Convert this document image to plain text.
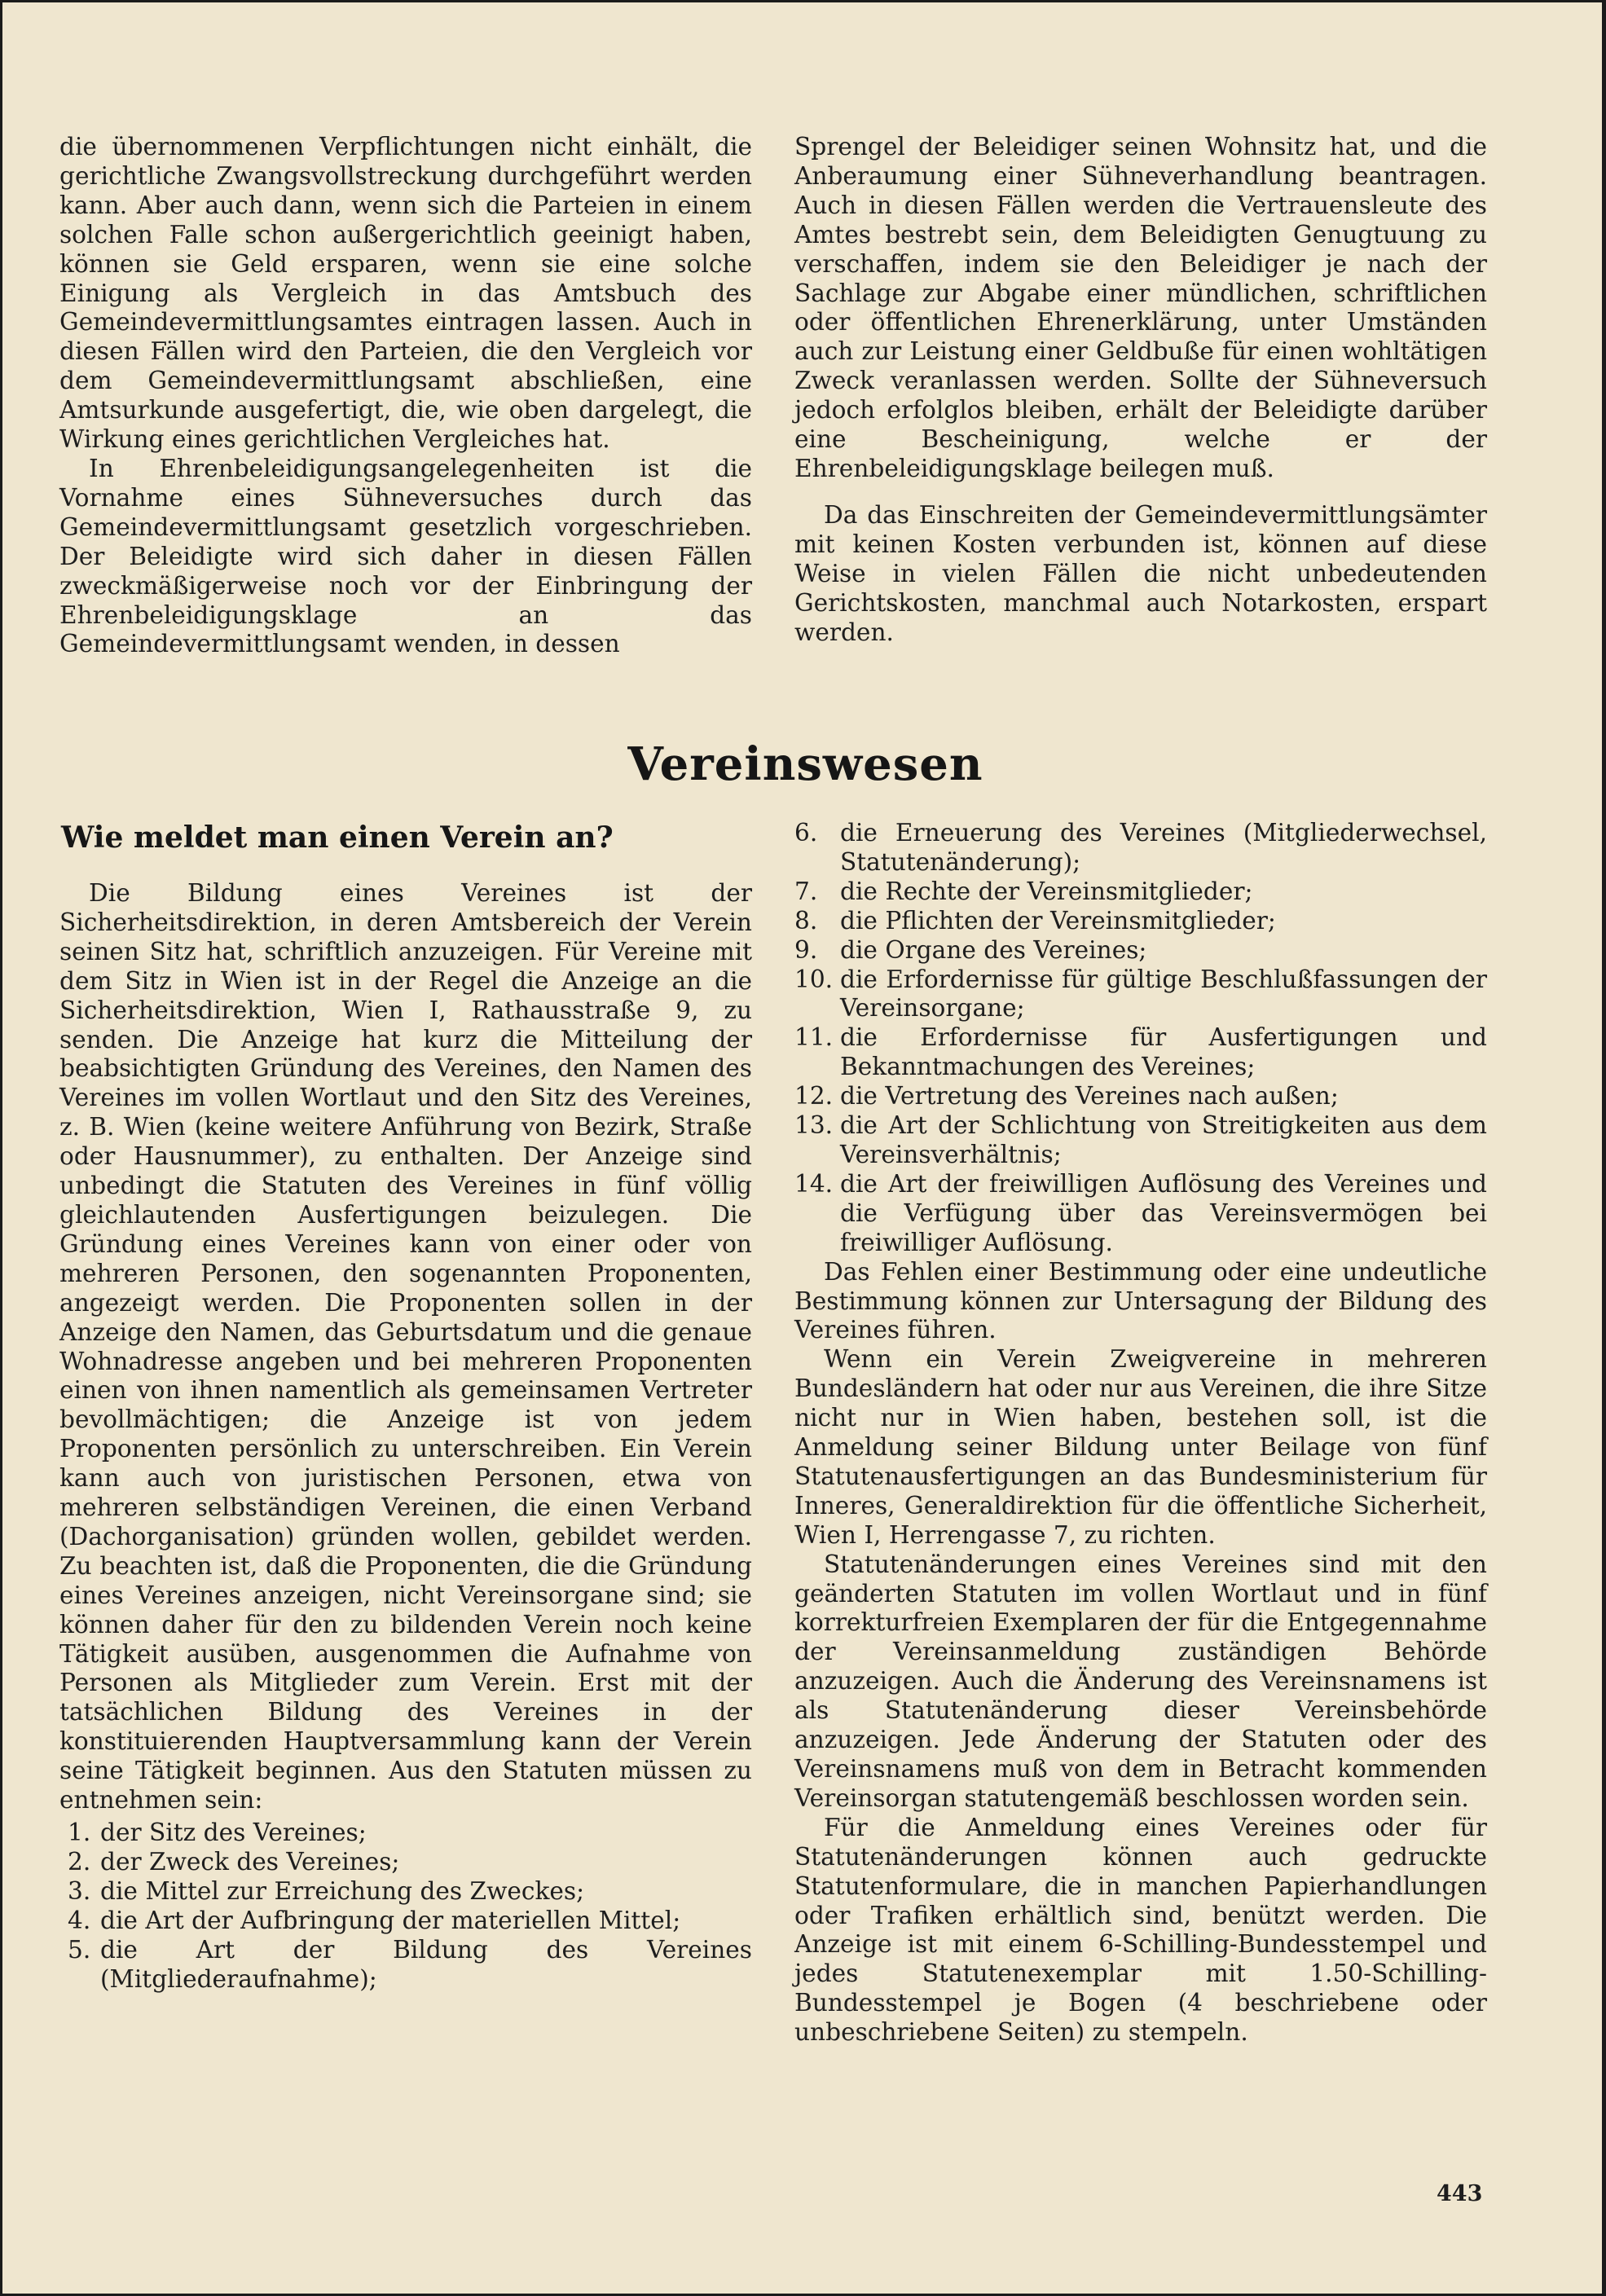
die übernommenen Verpflichtungen nicht einhält, die gerichtliche Zwangsvollstreckung durchgeführt werden kann. Aber auch dann, wenn sich die Parteien in einem solchen Falle schon außergerichtlich geeinigt haben, können sie Geld ersparen, wenn sie eine solche Einigung als Vergleich in das Amtsbuch des Gemeindevermittlungsamtes eintragen lassen. Auch in diesen Fällen wird den Parteien, die den Vergleich vor dem Gemeindevermittlungsamt abschließen, eine Amtsurkunde ausgefertigt, die, wie oben dargelegt, die Wirkung eines gerichtlichen Vergleiches hat.

In Ehrenbeleidigungsangelegenheiten ist die Vornahme eines Sühneversuches durch das Gemeindevermittlungsamt gesetzlich vorgeschrieben. Der Beleidigte wird sich daher in diesen Fällen zweckmäßigerweise noch vor der Einbringung der Ehrenbeleidigungsklage an das Gemeindevermittlungsamt wenden, in dessen

Sprengel der Beleidiger seinen Wohnsitz hat, und die Anberaumung einer Sühneverhandlung beantragen. Auch in diesen Fällen werden die Vertrauensleute des Amtes bestrebt sein, dem Beleidigten Genugtuung zu verschaffen, indem sie den Beleidiger je nach der Sachlage zur Abgabe einer mündlichen, schriftlichen oder öffentlichen Ehrenerklärung, unter Umständen auch zur Leistung einer Geldbuße für einen wohltätigen Zweck veranlassen werden. Sollte der Sühneversuch jedoch erfolglos bleiben, erhält der Beleidigte darüber eine Bescheinigung, welche er der Ehrenbeleidigungsklage beilegen muß.

Da das Einschreiten der Gemeindevermittlungsämter mit keinen Kosten verbunden ist, können auf diese Weise in vielen Fällen die nicht unbedeutenden Gerichtskosten, manchmal auch Notarkosten, erspart werden.

Vereinswesen
Wie meldet man einen Verein an?

Die Bildung eines Vereines ist der Sicherheitsdirektion, in deren Amtsbereich der Verein seinen Sitz hat, schriftlich anzuzeigen. Für Vereine mit dem Sitz in Wien ist in der Regel die Anzeige an die Sicherheitsdirektion, Wien I, Rathausstraße 9, zu senden. Die Anzeige hat kurz die Mitteilung der beabsichtigten Gründung des Vereines, den Namen des Vereines im vollen Wortlaut und den Sitz des Vereines, z. B. Wien (keine weitere Anführung von Bezirk, Straße oder Hausnummer), zu enthalten. Der Anzeige sind unbedingt die Statuten des Vereines in fünf völlig gleichlautenden Ausfertigungen beizulegen. Die Gründung eines Vereines kann von einer oder von mehreren Personen, den sogenannten Proponenten, angezeigt werden. Die Proponenten sollen in der Anzeige den Namen, das Geburtsdatum und die genaue Wohnadresse angeben und bei mehreren Proponenten einen von ihnen namentlich als gemeinsamen Vertreter bevollmächtigen; die Anzeige ist von jedem Proponenten persönlich zu unterschreiben. Ein Verein kann auch von juristischen Personen, etwa von mehreren selbständigen Vereinen, die einen Verband (Dachorganisation) gründen wollen, gebildet werden. Zu beachten ist, daß die Proponenten, die die Gründung eines Vereines anzeigen, nicht Vereinsorgane sind; sie können daher für den zu bildenden Verein noch keine Tätigkeit ausüben, ausgenommen die Aufnahme von Personen als Mitglieder zum Verein. Erst mit der tatsächlichen Bildung des Vereines in der konstituierenden Hauptversammlung kann der Verein seine Tätigkeit beginnen. Aus den Statuten müssen zu entnehmen sein:

1. der Sitz des Vereines;
2. der Zweck des Vereines;
3. die Mittel zur Erreichung des Zweckes;
4. die Art der Aufbringung der materiellen Mittel;
5. die Art der Bildung des Vereines (Mitgliederaufnahme);
6. die Erneuerung des Vereines (Mitgliederwechsel, Statutenänderung);
7. die Rechte der Vereinsmitglieder;
8. die Pflichten der Vereinsmitglieder;
9. die Organe des Vereines;
10. die Erfordernisse für gültige Beschlußfassungen der Vereinsorgane;
11. die Erfordernisse für Ausfertigungen und Bekanntmachungen des Vereines;
12. die Vertretung des Vereines nach außen;
13. die Art der Schlichtung von Streitigkeiten aus dem Vereinsverhältnis;
14. die Art der freiwilligen Auflösung des Vereines und die Verfügung über das Vereinsvermögen bei freiwilliger Auflösung.

Das Fehlen einer Bestimmung oder eine undeutliche Bestimmung können zur Untersagung der Bildung des Vereines führen.

Wenn ein Verein Zweigvereine in mehreren Bundesländern hat oder nur aus Vereinen, die ihre Sitze nicht nur in Wien haben, bestehen soll, ist die Anmeldung seiner Bildung unter Beilage von fünf Statutenausfertigungen an das Bundesministerium für Inneres, Generaldirektion für die öffentliche Sicherheit, Wien I, Herrengasse 7, zu richten.

Statutenänderungen eines Vereines sind mit den geänderten Statuten im vollen Wortlaut und in fünf korrekturfreien Exemplaren der für die Entgegennahme der Vereinsanmeldung zuständigen Behörde anzuzeigen. Auch die Änderung des Vereinsnamens ist als Statutenänderung dieser Vereinsbehörde anzuzeigen. Jede Änderung der Statuten oder des Vereinsnamens muß von dem in Betracht kommenden Vereinsorgan statutengemäß beschlossen worden sein.

Für die Anmeldung eines Vereines oder für Statutenänderungen können auch gedruckte Statutenformulare, die in manchen Papierhandlungen oder Trafiken erhältlich sind, benützt werden. Die Anzeige ist mit einem 6-Schilling-Bundesstempel und jedes Statutenexemplar mit 1.50-Schilling-Bundesstempel je Bogen (4 beschriebene oder unbeschriebene Seiten) zu stempeln.

443
